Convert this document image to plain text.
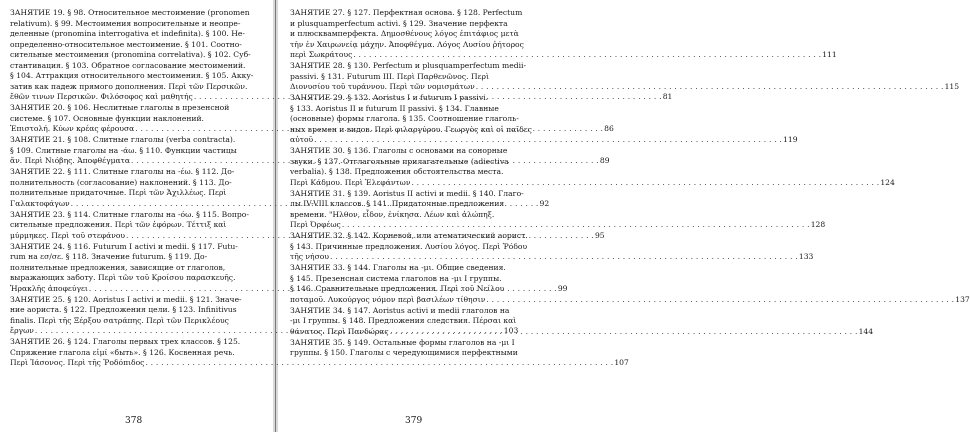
ЗАНЯТИЕ 19. § 98. Относительное местоимение (pronomen
relativum). § 99. Местоимения вопросительные и неопре-
деленные (pronomina interrogativa et indefinita). § 100. Не-
определенно-относительное местоимение. § 101. Соотно-
сительные местоимения (pronomina correlativa). § 102. Суб-
стантивация. § 103. Обратное согласование местоимений.
§ 104. Аттракция относительного местоимения. § 105. Акку-
затив как падеж прямого дополнения. Περὶ τῶν Περσικῶν.
ἔθῶν τινων Περσικῶν. Φιλόσοφος καὶ μαθητής . . .	81
ЗАНЯТИЕ 20. § 106. Неслитные глаголы в презенсной
системе. § 107. Основные функции наклонений.
Ἐπιστολή. Κύων κρέας φέρουσα . . .	86
ЗАНЯТИЕ 21. § 108. Слитные глаголы (verba contracta).
§ 109. Слитные глаголы на -άω. § 110. Функции частицы
ἄν. Περὶ Νιόβης. Ἀποφθέγματα . . .	89
ЗАНЯТИЕ 22. § 111. Слитные глаголы на -έω. § 112. До-
полнительность (согласование) наклонений. § 113. До-
полнительные придаточные. Περὶ τῶν Ἀχιλλέως. Περὶ
Γαλακτοφάγων . . .	92
ЗАНЯТИЕ 23. § 114. Слитные глаголы на -όω. § 115. Вопро-
сительные предложения. Περὶ τῶν ἐφόρων. Τέττιξ καὶ
μύρμηκες. Περὶ τοῦ στεφάνου . . .	95
ЗАНЯТИЕ 24. § 116. Futurum I activi и medii. § 117. Futu-
rum на εσ/σε. § 118. Значение futurum. § 119. До-
полнительные предложения, зависящие от глаголов,
выражающих заботу. Περὶ τῶν τοῦ Κροίσου παρασκευῆς.
Ἡρακλῆς ἀποφεύγει . . .	99
ЗАНЯТИЕ 25. § 120. Aoristus I activi и medii. § 121. Значе-
ние aориста. § 122. Предложения цели. § 123. Infinitivus
finalis. Περὶ τῆς Ξέρξου σατράπης. Περὶ τῶν Περικλέους
ἔργων . . .	103
ЗАНЯТИЕ 26. § 124. Глаголы первых трех классов. § 125.
Спряжение глагола εἰμί «быть». § 126. Косвенная речь.
Περὶ Ἰάσονος. Περὶ τῆς Ῥοδόπιδος . . .	107
378
ЗАНЯТИЕ 27. § 127. Перфектная основа. § 128. Perfectum
и plusquamperfectum activi. § 129. Значение перфекта
и плюсквамперфекта. Δημοσθένους λόγος ἐπιτάφιος μετὰ
τὴν ἐν Χαιρωνείᾳ μάχην. Ἀποφθέγμα. Λόγος Λυσίου ῥήτορος
περὶ Σωκράτους . . .	111
ЗАНЯТИЕ 28. § 130. Perfectum и plusquamperfectum medii-
passivi. § 131. Futurum III. Περὶ Παρθενῶνος. Περὶ
Διονυσίου τοῦ τυράννου. Περὶ τῶν νομισμάτων . . .	115
ЗАНЯТИЕ 29. § 132. Aoristus I и futurum I passivi.
§ 133. Aoristus II и futurum II passivi. § 134. Главные
(основные) формы глагола. § 135. Соотношение глаголь-
ных времен и видов. Περὶ φιλαργύρου. Γεωργὸς καὶ οἱ παῖδες
αὐτοῦ . . .	119
ЗАНЯТИЕ 30. § 136. Глаголы с основами на сонорные
звуки. § 137. Отглагольные прилагательные (adiectiva
verbalia). § 138. Предложения обстоятельства места.
Περὶ Κάδμου. Περὶ Ἐλεφάντων . . .	124
ЗАНЯТИЕ 31. § 139. Aoristus II activi и medii. § 140. Глаго-
лы IV-VIII классов. § 141. Придаточные предложения
времени. "Ηλθον, εἶδον, ἐνίκησα. Λέων καὶ ἀλώπηξ.
Περὶ Ὀρφέως . . .	128
ЗАНЯТИЕ 32. § 142. Корневой, или атематический аорист.
§ 143. Причинные предложения. Λυσίου λόγος. Περὶ Ῥόδου
τῆς νήσου . . .	133
ЗАНЯТИЕ 33. § 144. Глаголы на -μι. Общие сведения.
§ 145. Презенсная система глаголов на -μι I группы.
§ 146. Сравнительные предложения. Περὶ τοῦ Νείλου
ποταμοῦ. Λυκούργος νόμον περὶ βασιλέων τίθησιν . . .	137
ЗАНЯТИЕ 34. § 147. Aoristus activi и medii глаголов на
-μι I группы. § 148. Предложения следствия. Πέρσαι καὶ
θάνατος. Περὶ Πανδώρας . . .	144
ЗАНЯТИЕ 35. § 149. Остальные формы глаголов на -μι I
группы. § 150. Глаголы с чередующимися перфектными
379
